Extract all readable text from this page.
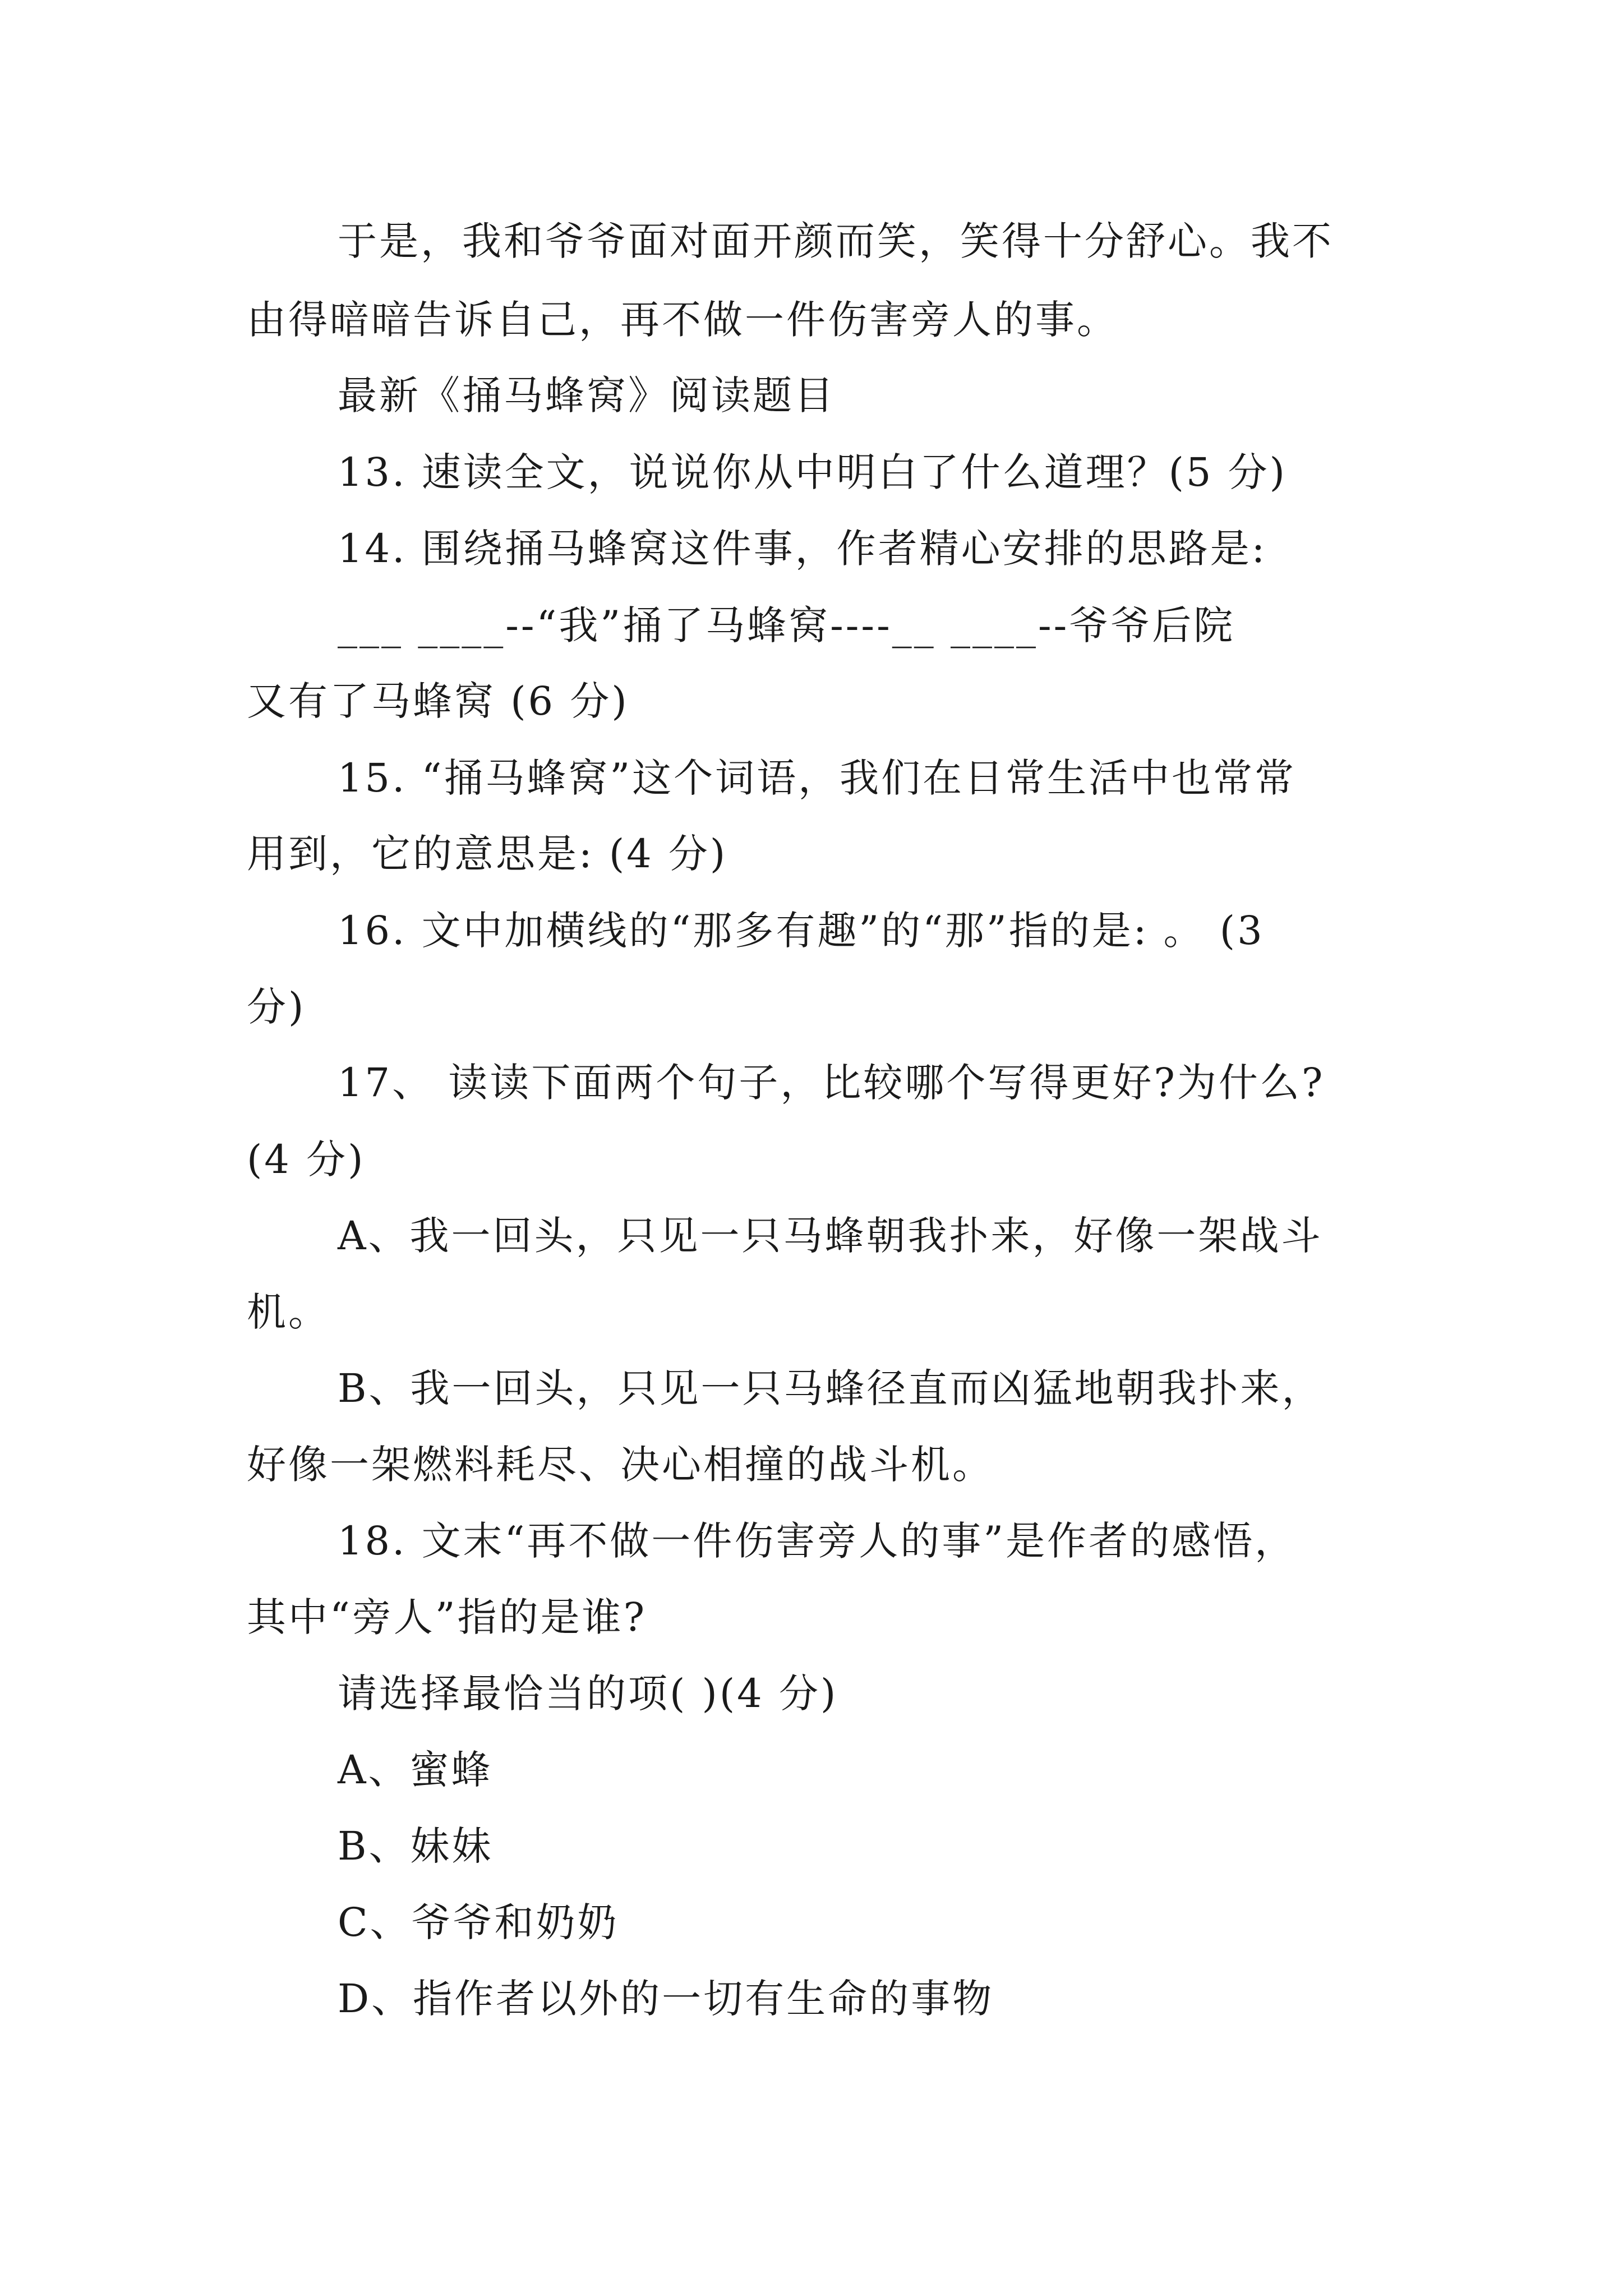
于是，我和爷爷面对面开颜而笑，笑得十分舒心。我不
由得暗暗告诉自己，再不做一件伤害旁人的事。
最新《捅马蜂窝》阅读题目
13. 速读全文，说说你从中明白了什么道理？(5 分)
14. 围绕捅马蜂窝这件事，作者精心安排的思路是:
___ ____--“我”捅了马蜂窝----__ ____--爷爷后院
又有了马蜂窝 (6 分)
15. “捅马蜂窝”这个词语，我们在日常生活中也常常
用到，它的意思是: (4 分)
16. 文中加横线的“那多有趣”的“那”指的是: 。 (3
分)
17、 读读下面两个句子，比较哪个写得更好?为什么?
(4 分)
A、我一回头，只见一只马蜂朝我扑来，好像一架战斗
机。
B、我一回头，只见一只马蜂径直而凶猛地朝我扑来，
好像一架燃料耗尽、决心相撞的战斗机。
18. 文末“再不做一件伤害旁人的事”是作者的感悟，
其中“旁人”指的是谁?
请选择最恰当的项( )(4 分)
A、蜜蜂
B、妹妹
C、爷爷和奶奶
D、指作者以外的一切有生命的事物
